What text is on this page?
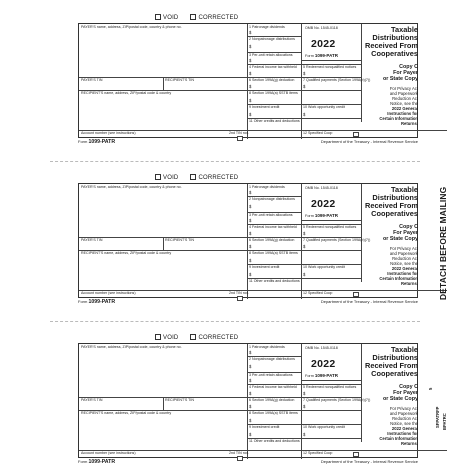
VOID	CORRECTED
PAYER'S name, address, ZIP/postal code, country & phone no.
PAYER'S TIN	RECIPIENT'S TIN
RECIPIENT'S name, address, ZIP/postal code & country
Account number (see instructions)	2nd TIN not.
1 Patronage dividends
$
2 Nonpatronage distributions
$
3 Per-unit retain allocations
$
4 Federal income tax withheld
$
5 Redeemed nonqualified notices
$
6 Section 199A(g) deduction
$
7 Qualified payments (Section 199A(b)(7))
$
8 Section 199A(a) SSTB items
$
9 Investment credit
$
10 Work opportunity credit
$
11 Other credits and deductions
12 Specified Coop
OMB No. 1545-0118
2022
Form 1099-PATR
Taxable
Distributions
Received From
Cooperatives
Copy C
For Payer
or State Copy
For Privacy Act
and Paperwork
Reduction Act
Notice, see the
2022 General
Instructions for
Certain Information
Returns.
Form 1099-PATR	Department of the Treasury - Internal Revenue Service
VOID	CORRECTED
PAYER'S name, address, ZIP/postal code, country & phone no.
PAYER'S TIN	RECIPIENT'S TIN
RECIPIENT'S name, address, ZIP/postal code & country
Account number (see instructions)	2nd TIN not.
1 Patronage dividends
$
2 Nonpatronage distributions
$
3 Per-unit retain allocations
$
4 Federal income tax withheld
$
5 Redeemed nonqualified notices
$
6 Section 199A(g) deduction
$
7 Qualified payments (Section 199A(b)(7))
$
8 Section 199A(a) SSTB items
$
9 Investment credit
$
10 Work opportunity credit
$
11 Other credits and deductions
12 Specified Coop
OMB No. 1545-0118
2022
Form 1099-PATR
Taxable
Distributions
Received From
Cooperatives
Copy C
For Payer
or State Copy
For Privacy Act
and Paperwork
Reduction Act
Notice, see the
2022 General
Instructions for
Certain Information
Returns.
Form 1099-PATR	Department of the Treasury - Internal Revenue Service
VOID	CORRECTED
PAYER'S name, address, ZIP/postal code, country & phone no.
PAYER'S TIN	RECIPIENT'S TIN
RECIPIENT'S name, address, ZIP/postal code & country
Account number (see instructions)	2nd TIN not.
1 Patronage dividends
$
2 Nonpatronage distributions
$
3 Per-unit retain allocations
$
4 Federal income tax withheld
$
5 Redeemed nonqualified notices
$
6 Section 199A(g) deduction
$
7 Qualified payments (Section 199A(b)(7))
$
8 Section 199A(a) SSTB items
$
9 Investment credit
$
10 Work opportunity credit
$
11 Other credits and deductions
12 Specified Coop
OMB No. 1545-0118
2022
Form 1099-PATR
Taxable
Distributions
Received From
Cooperatives
Copy C
For Payer
or State Copy
For Privacy Act
and Paperwork
Reduction Act
Notice, see the
2022 General
Instructions for
Certain Information
Returns.
Form 1099-PATR	Department of the Treasury - Internal Revenue Service
DETACH BEFORE MAILING
5
SFPATRFP BPATRC
